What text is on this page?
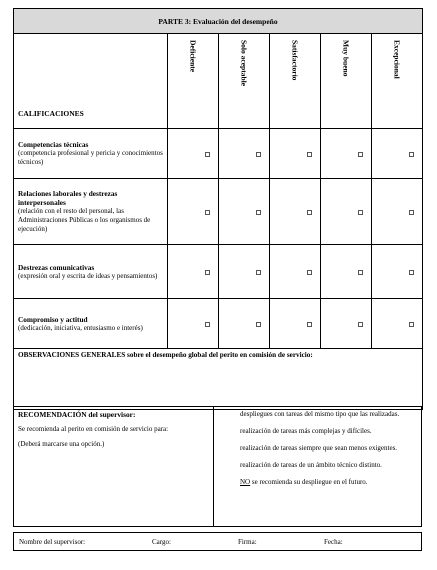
PARTE 3: Evaluación del desempeño					
CALIFICACIONES	Deficiente	Solo aceptable	Satisfactorio	Muy bueno	Excepcional

Competencias técnicas
(competencia profesional y pericia y conocimientos técnicos)	

Relaciones laborales y destrezas interpersonales
(relación con el resto del personal, las Administraciones Públicas o los organismos de ejecución)	

Destrezas comunicativas
(expresión oral y escrita de ideas y pensamientos)	

Compromiso y actitud
(dedicación, iniciativa, entusiasmo e interés)	

OBSERVACIONES GENERALES sobre el desempeño global del perito en comisión de servicio:					
RECOMENDACIÓN del supervisor:

Se recomienda al perito en comisión de servicio para:

(Deberá marcarse una opción.)

despliegues con tareas del mismo tipo que las realizadas.
realización de tareas más complejas y difíciles.
realización de tareas siempre que sean menos exigentes.
realización de tareas de un ámbito técnico distinto.
NO se recomienda su despliegue en el futuro.
Nombre del supervisor:	Cargo:	Firma:	Fecha:
